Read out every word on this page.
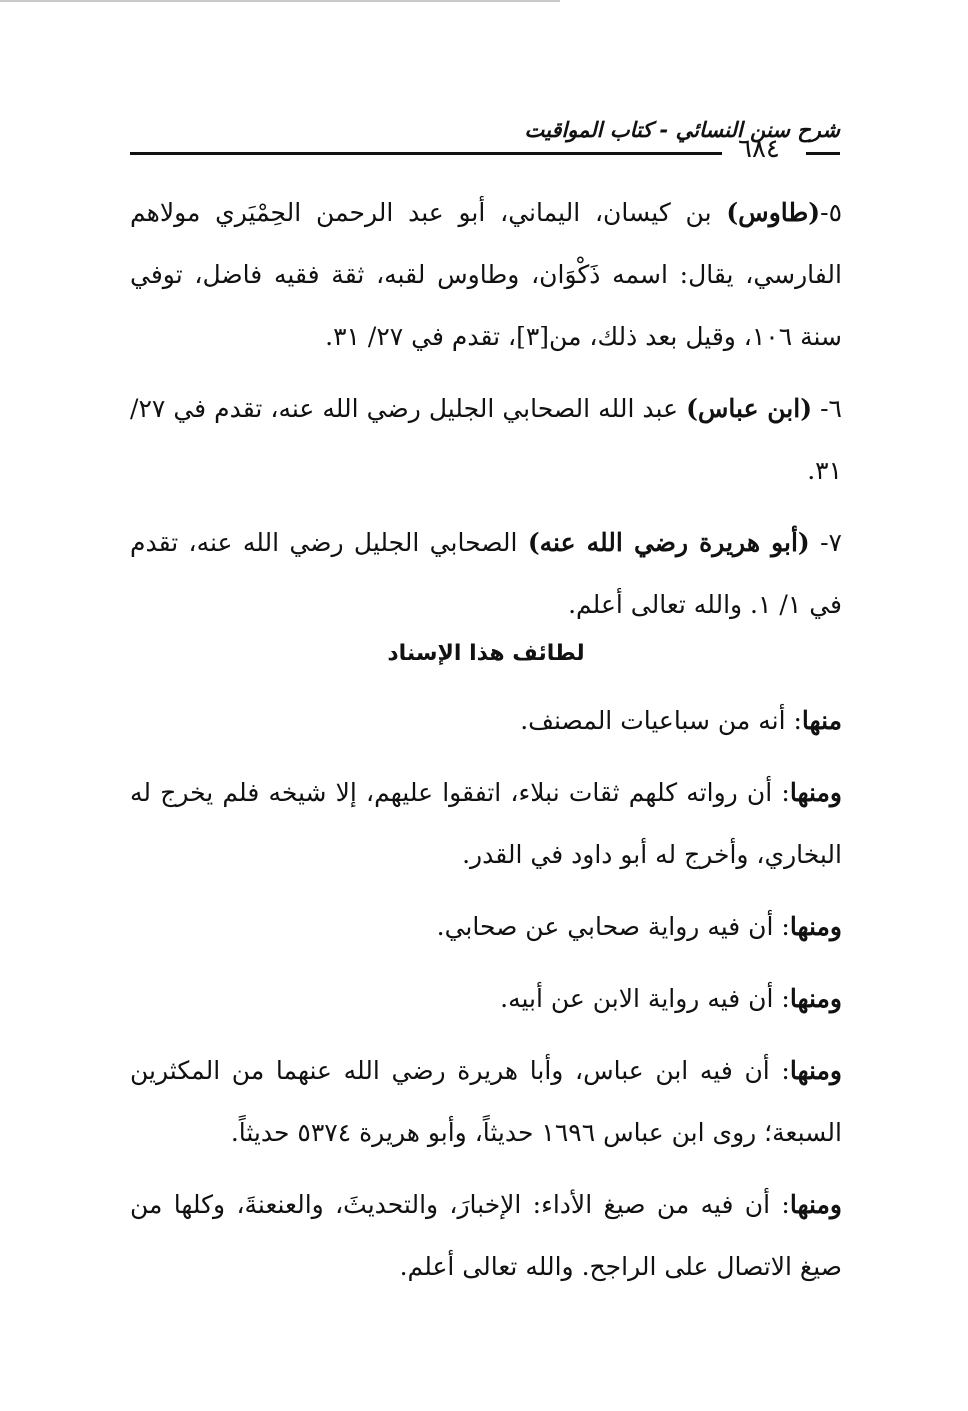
شرح سنن النسائي - كتاب المواقيت
٦٨٤

٥-(طاوس) بن كيسان، اليماني، أبو عبد الرحمن الحِمْيَري مولاهم الفارسي، يقال: اسمه ذَكْوَان، وطاوس لقبه، ثقة فقيه فاضل، توفي سنة ١٠٦، وقيل بعد ذلك، من[٣]، تقدم في ٢٧/ ٣١.

٦- (ابن عباس) عبد الله الصحابي الجليل رضي الله عنه، تقدم في ٢٧/ ٣١.

٧- (أبو هريرة رضي الله عنه) الصحابي الجليل رضي الله عنه، تقدم في ١/ ١. والله تعالى أعلم.

لطائف هذا الإسناد

منها: أنه من سباعيات المصنف.

ومنها: أن رواته كلهم ثقات نبلاء، اتفقوا عليهم، إلا شيخه فلم يخرج له البخاري، وأخرج له أبو داود في القدر.

ومنها: أن فيه رواية صحابي عن صحابي.

ومنها: أن فيه رواية الابن عن أبيه.

ومنها: أن فيه ابن عباس، وأبا هريرة رضي الله عنهما من المكثرين السبعة؛ روى ابن عباس ١٦٩٦ حديثاً، وأبو هريرة ٥٣٧٤ حديثاً.

ومنها: أن فيه من صيغ الأداء: الإخبارَ، والتحديثَ، والعنعنةَ، وكلها من صيغ الاتصال على الراجح. والله تعالى أعلم.
